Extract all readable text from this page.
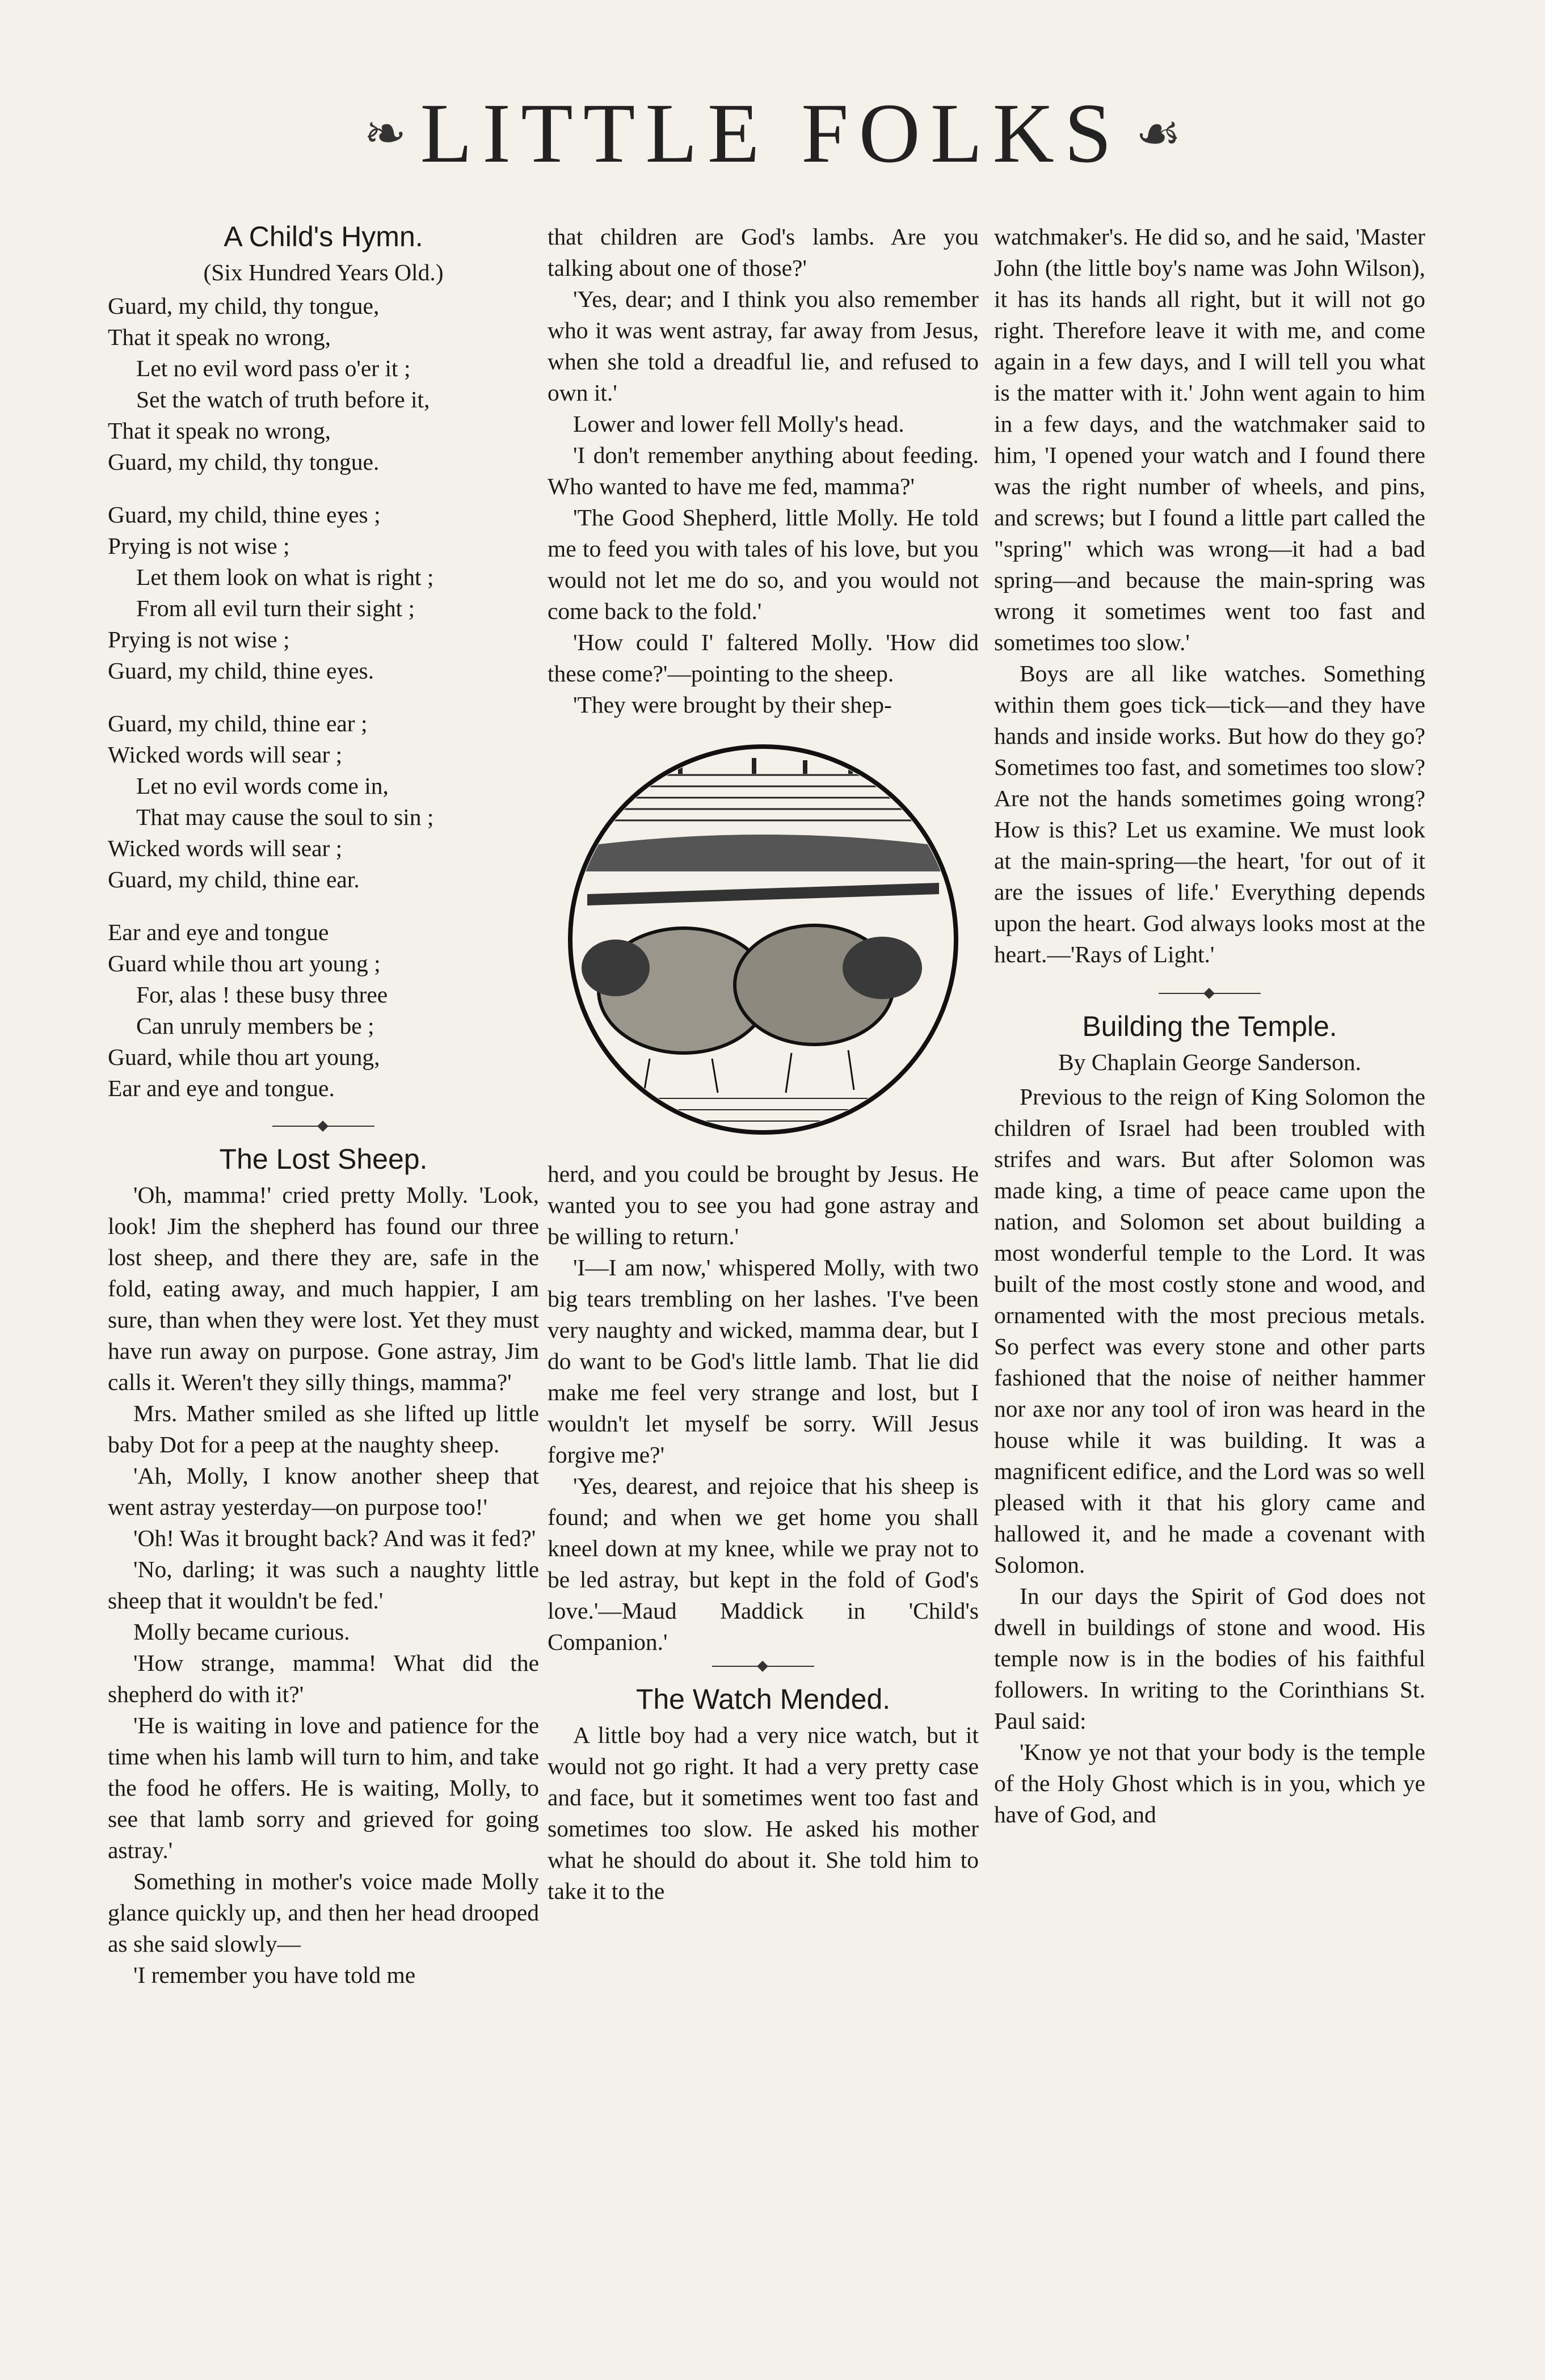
❧ LITTLE FOLKS ☙
A Child's Hymn.
(Six Hundred Years Old.)
Guard, my child, thy tongue,
That it speak no wrong,
Let no evil word pass o'er it ;
Set the watch of truth before it,
That it speak no wrong,
Guard, my child, thy tongue.
Guard, my child, thine eyes ;
Prying is not wise ;
Let them look on what is right ;
From all evil turn their sight ;
Prying is not wise ;
Guard, my child, thine eyes.
Guard, my child, thine ear ;
Wicked words will sear ;
Let no evil words come in,
That may cause the soul to sin ;
Wicked words will sear ;
Guard, my child, thine ear.
Ear and eye and tongue
Guard while thou art young ;
For, alas ! these busy three
Can unruly members be ;
Guard, while thou art young,
Ear and eye and tongue.
The Lost Sheep.

'Oh, mamma!' cried pretty Molly. 'Look, look! Jim the shepherd has found our three lost sheep, and there they are, safe in the fold, eating away, and much happier, I am sure, than when they were lost. Yet they must have run away on purpose. Gone astray, Jim calls it. Weren't they silly things, mamma?'

Mrs. Mather smiled as she lifted up little baby Dot for a peep at the naughty sheep.

'Ah, Molly, I know another sheep that went astray yesterday—on purpose too!'

'Oh! Was it brought back? And was it fed?'

'No, darling; it was such a naughty little sheep that it wouldn't be fed.'

Molly became curious.

'How strange, mamma! What did the shepherd do with it?'

'He is waiting in love and patience for the time when his lamb will turn to him, and take the food he offers. He is waiting, Molly, to see that lamb sorry and grieved for going astray.'

Something in mother's voice made Molly glance quickly up, and then her head drooped as she said slowly—

'I remember you have told me

that children are God's lambs. Are you talking about one of those?'

'Yes, dear; and I think you also remember who it was went astray, far away from Jesus, when she told a dreadful lie, and refused to own it.'

Lower and lower fell Molly's head.

'I don't remember anything about feeding. Who wanted to have me fed, mamma?'

'The Good Shepherd, little Molly. He told me to feed you with tales of his love, but you would not let me do so, and you would not come back to the fold.'

'How could I' faltered Molly. 'How did these come?'—pointing to the sheep.

'They were brought by their shep-

herd, and you could be brought by Jesus. He wanted you to see you had gone astray and be willing to return.'

'I—I am now,' whispered Molly, with two big tears trembling on her lashes. 'I've been very naughty and wicked, mamma dear, but I do want to be God's little lamb. That lie did make me feel very strange and lost, but I wouldn't let myself be sorry. Will Jesus forgive me?'

'Yes, dearest, and rejoice that his sheep is found; and when we get home you shall kneel down at my knee, while we pray not to be led astray, but kept in the fold of God's love.'—Maud Maddick in 'Child's Companion.'

The Watch Mended.

A little boy had a very nice watch, but it would not go right. It had a very pretty case and face, but it sometimes went too fast and sometimes too slow. He asked his mother what he should do about it. She told him to take it to the

watchmaker's. He did so, and he said, 'Master John (the little boy's name was John Wilson), it has its hands all right, but it will not go right. Therefore leave it with me, and come again in a few days, and I will tell you what is the matter with it.' John went again to him in a few days, and the watchmaker said to him, 'I opened your watch and I found there was the right number of wheels, and pins, and screws; but I found a little part called the "spring" which was wrong—it had a bad spring—and because the main-spring was wrong it sometimes went too fast and sometimes too slow.'

Boys are all like watches. Something within them goes tick—tick—and they have hands and inside works. But how do they go? Sometimes too fast, and sometimes too slow? Are not the hands sometimes going wrong? How is this? Let us examine. We must look at the main-spring—the heart, 'for out of it are the issues of life.' Everything depends upon the heart. God always looks most at the heart.—'Rays of Light.'

Building the Temple.
By Chaplain George Sanderson.

Previous to the reign of King Solomon the children of Israel had been troubled with strifes and wars. But after Solomon was made king, a time of peace came upon the nation, and Solomon set about building a most wonderful temple to the Lord. It was built of the most costly stone and wood, and ornamented with the most precious metals. So perfect was every stone and other parts fashioned that the noise of neither hammer nor axe nor any tool of iron was heard in the house while it was building. It was a magnificent edifice, and the Lord was so well pleased with it that his glory came and hallowed it, and he made a covenant with Solomon.

In our days the Spirit of God does not dwell in buildings of stone and wood. His temple now is in the bodies of his faithful followers. In writing to the Corinthians St. Paul said:

'Know ye not that your body is the temple of the Holy Ghost which is in you, which ye have of God, and
